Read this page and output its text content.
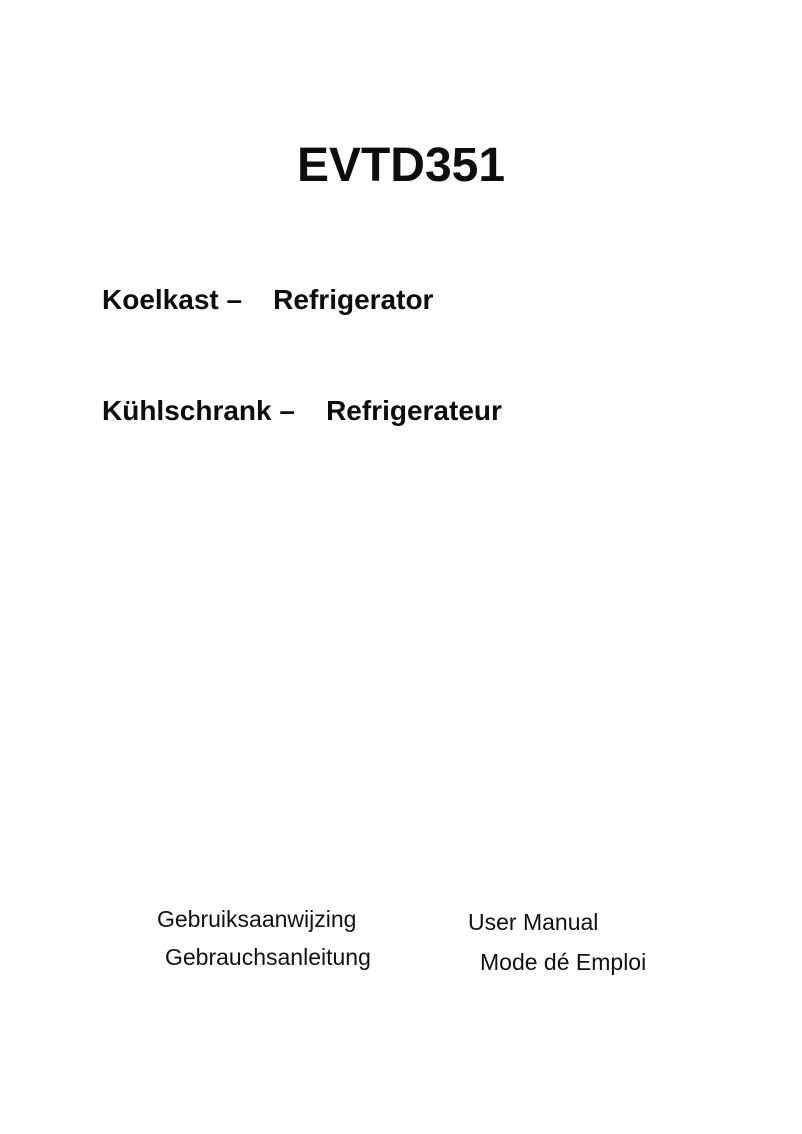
EVTD351

Koelkast –    Refrigerator

Kühlschrank –    Refrigerateur

Gebruiksaanwijzing	User Manual
Gebrauchsanleitung	Mode dé Emploi
